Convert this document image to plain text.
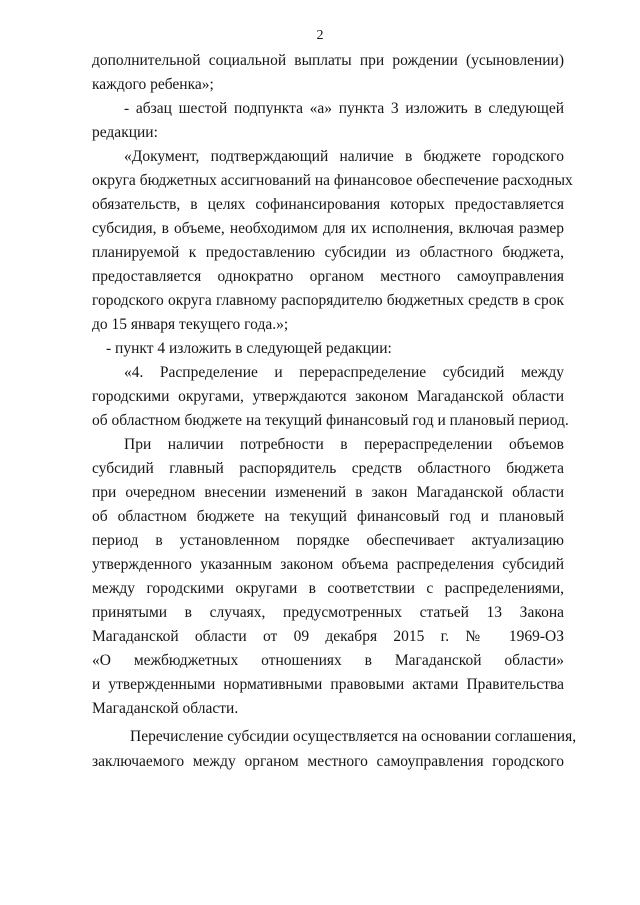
2
дополнительной социальной выплаты при рождении (усыновлении)
каждого ребенка»;
- абзац шестой подпункта «а» пункта 3 изложить в следующей
редакции:
«Документ, подтверждающий наличие в бюджете городского
округа бюджетных ассигнований на финансовое обеспечение расходных
обязательств, в целях софинансирования которых предоставляется
субсидия, в объеме, необходимом для их исполнения, включая размер
планируемой к предоставлению субсидии из областного бюджета,
предоставляется однократно органом местного самоуправления
городского округа главному распорядителю бюджетных средств в срок
до 15 января текущего года.»;
- пункт 4 изложить в следующей редакции:
«4. Распределение и перераспределение субсидий между
городскими округами, утверждаются законом Магаданской области
об областном бюджете на текущий финансовый год и плановый период.
При наличии потребности в перераспределении объемов
субсидий главный распорядитель средств областного бюджета
при очередном внесении изменений в закон Магаданской области
об областном бюджете на текущий финансовый год и плановый
период в установленном порядке обеспечивает актуализацию
утвержденного указанным законом объема распределения субсидий
между городскими округами в соответствии с распределениями,
принятыми в случаях, предусмотренных статьей 13 Закона
Магаданской области от 09 декабря 2015 г. № 1969-ОЗ
«О межбюджетных отношениях в Магаданской области»
и утвержденными нормативными правовыми актами Правительства
Магаданской области.
Перечисление субсидии осуществляется на основании соглашения,
заключаемого между органом местного самоуправления городского
